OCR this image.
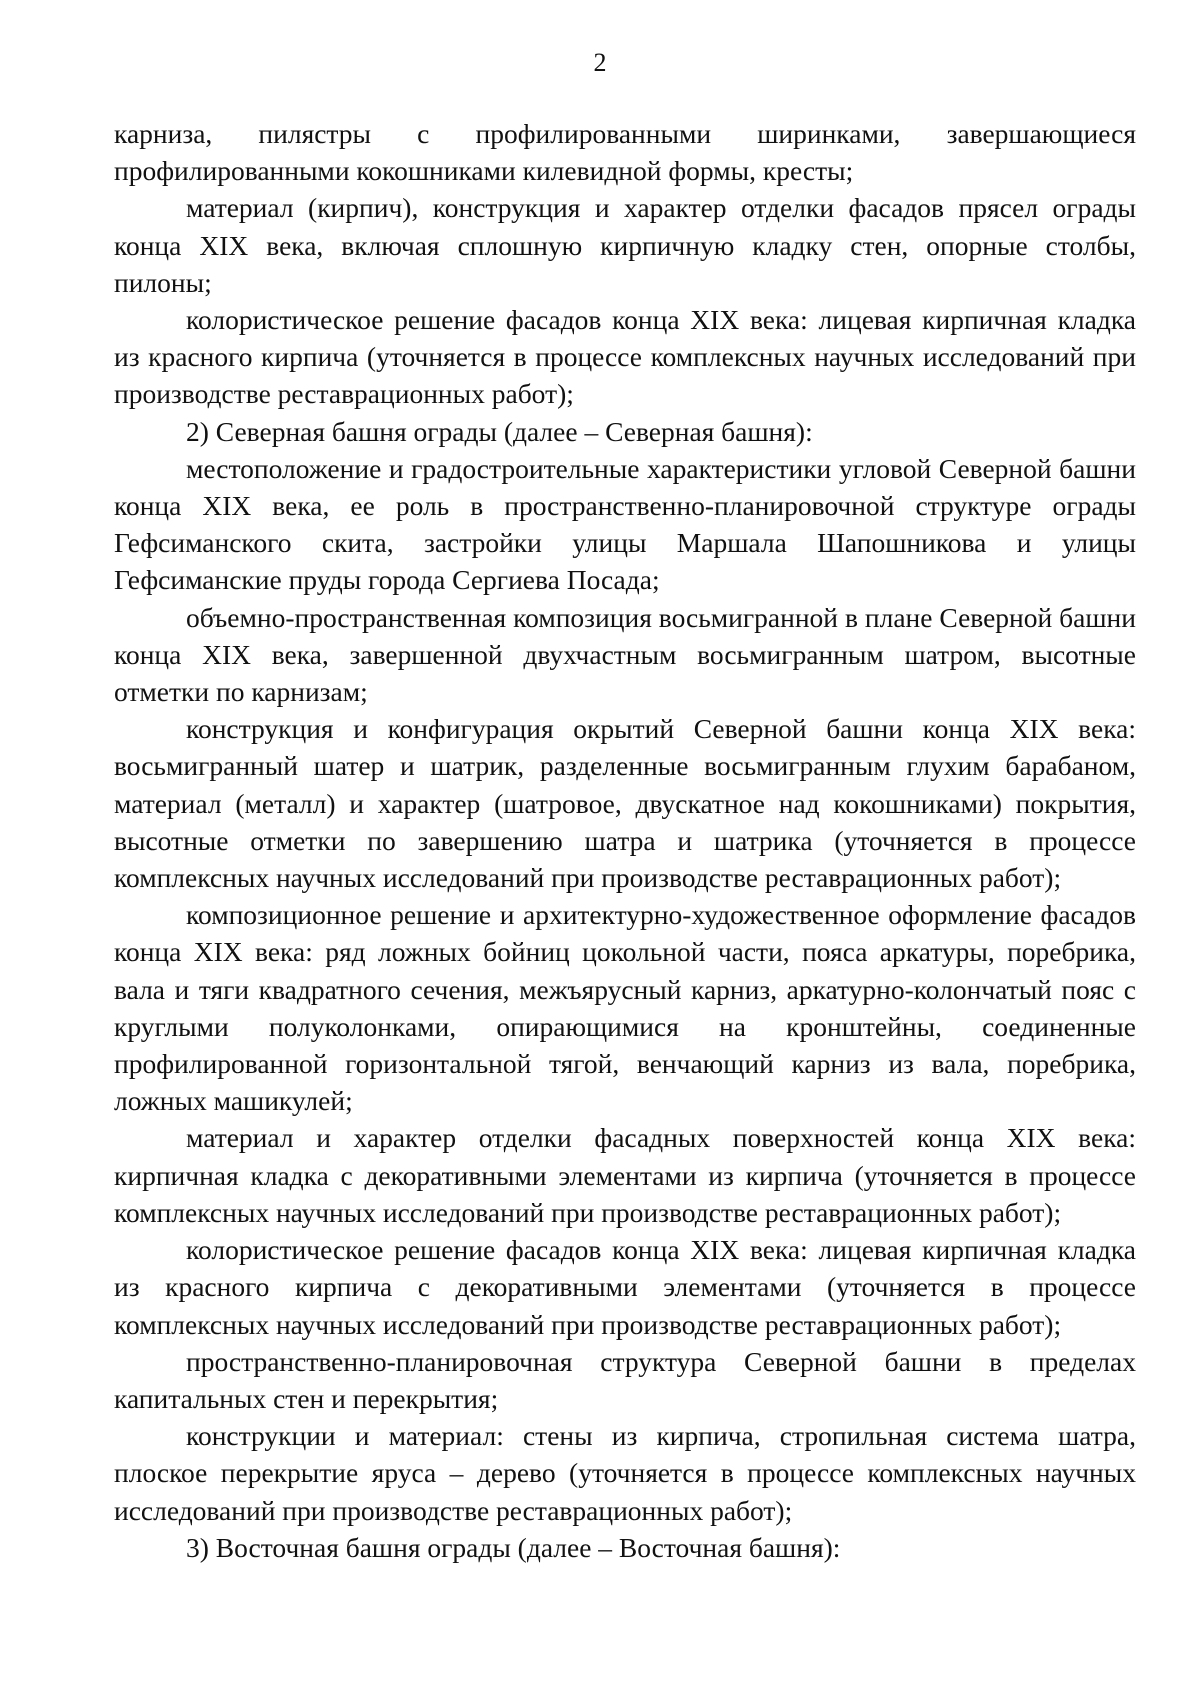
2

карниза, пилястры с профилированными ширинками, завершающиеся профилированными кокошниками килевидной формы, кресты;

материал (кирпич), конструкция и характер отделки фасадов прясел ограды конца XIX века, включая сплошную кирпичную кладку стен, опорные столбы, пилоны;

колористическое решение фасадов конца XIX века: лицевая кирпичная кладка из красного кирпича (уточняется в процессе комплексных научных исследований при производстве реставрационных работ);

2) Северная башня ограды (далее – Северная башня):

местоположение и градостроительные характеристики угловой Северной башни конца XIX века, ее роль в пространственно-планировочной структуре ограды Гефсиманского скита, застройки улицы Маршала Шапошникова и улицы Гефсиманские пруды города Сергиева Посада;

объемно-пространственная композиция восьмигранной в плане Северной башни конца XIX века, завершенной двухчастным восьмигранным шатром, высотные отметки по карнизам;

конструкция и конфигурация окрытий Северной башни конца XIX века: восьмигранный шатер и шатрик, разделенные восьмигранным глухим барабаном, материал (металл) и характер (шатровое, двускатное над кокошниками) покрытия, высотные отметки по завершению шатра и шатрика (уточняется в процессе комплексных научных исследований при производстве реставрационных работ);

композиционное решение и архитектурно-художественное оформление фасадов конца XIX века: ряд ложных бойниц цокольной части, пояса аркатуры, поребрика, вала и тяги квадратного сечения, межъярусный карниз, аркатурно-колончатый пояс с круглыми полуколонками, опирающимися на кронштейны, соединенные профилированной горизонтальной тягой, венчающий карниз из вала, поребрика, ложных машикулей;

материал и характер отделки фасадных поверхностей конца XIX века: кирпичная кладка с декоративными элементами из кирпича (уточняется в процессе комплексных научных исследований при производстве реставрационных работ);

колористическое решение фасадов конца XIX века: лицевая кирпичная кладка из красного кирпича с декоративными элементами (уточняется в процессе комплексных научных исследований при производстве реставрационных работ);

пространственно-планировочная структура Северной башни в пределах капитальных стен и перекрытия;

конструкции и материал: стены из кирпича, стропильная система шатра, плоское перекрытие яруса – дерево (уточняется в процессе комплексных научных исследований при производстве реставрационных работ);

3) Восточная башня ограды (далее – Восточная башня):
